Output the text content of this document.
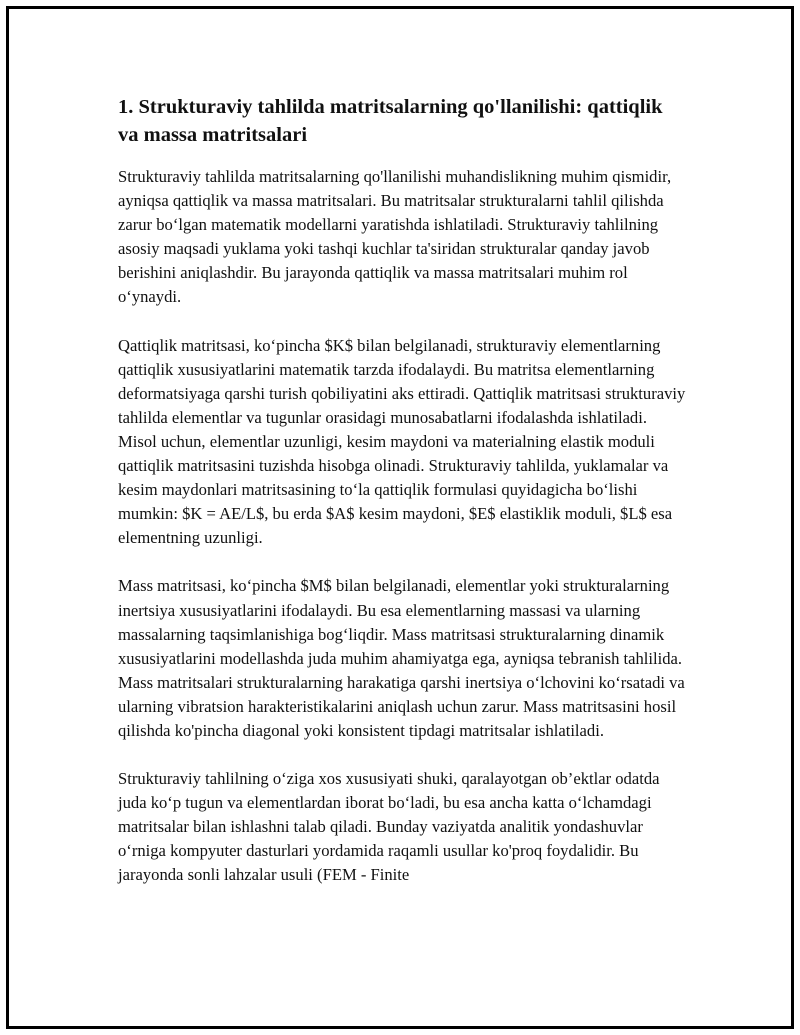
1. Strukturaviy tahlilda matritsalarning qo'llanilishi: qattiqlik va massa matritsalari

Strukturaviy tahlilda matritsalarning qo'llanilishi muhandislikning muhim qismidir, ayniqsa qattiqlik va massa matritsalari. Bu matritsalar strukturalarni tahlil qilishda zarur bo‘lgan matematik modellarni yaratishda ishlatiladi. Strukturaviy tahlilning asosiy maqsadi yuklama yoki tashqi kuchlar ta'siridan strukturalar qanday javob berishini aniqlashdir. Bu jarayonda qattiqlik va massa matritsalari muhim rol o‘ynaydi.

Qattiqlik matritsasi, ko‘pincha $K$ bilan belgilanadi, strukturaviy elementlarning qattiqlik xususiyatlarini matematik tarzda ifodalaydi. Bu matritsa elementlarning deformatsiyaga qarshi turish qobiliyatini aks ettiradi. Qattiqlik matritsasi strukturaviy tahlilda elementlar va tugunlar orasidagi munosabatlarni ifodalashda ishlatiladi. Misol uchun, elementlar uzunligi, kesim maydoni va materialning elastik moduli qattiqlik matritsasini tuzishda hisobga olinadi. Strukturaviy tahlilda, yuklamalar va kesim maydonlari matritsasining to‘la qattiqlik formulasi quyidagicha bo‘lishi mumkin: $K = AE/L$, bu erda $A$ kesim maydoni, $E$ elastiklik moduli, $L$ esa elementning uzunligi.

Mass matritsasi, ko‘pincha $M$ bilan belgilanadi, elementlar yoki strukturalarning inertsiya xususiyatlarini ifodalaydi. Bu esa elementlarning massasi va ularning massalarning taqsimlanishiga bog‘liqdir. Mass matritsasi strukturalarning dinamik xususiyatlarini modellashda juda muhim ahamiyatga ega, ayniqsa tebranish tahlilida. Mass matritsalari strukturalarning harakatiga qarshi inertsiya o‘lchovini ko‘rsatadi va ularning vibratsion harakteristikalarini aniqlash uchun zarur. Mass matritsasini hosil qilishda ko'pincha diagonal yoki konsistent tipdagi matritsalar ishlatiladi.

Strukturaviy tahlilning o‘ziga xos xususiyati shuki, qaralayotgan ob’ektlar odatda juda ko‘p tugun va elementlardan iborat bo‘ladi, bu esa ancha katta o‘lchamdagi matritsalar bilan ishlashni talab qiladi. Bunday vaziyatda analitik yondashuvlar o‘rniga kompyuter dasturlari yordamida raqamli usullar ko'proq foydalidir. Bu jarayonda sonli lahzalar usuli (FEM - Finite
